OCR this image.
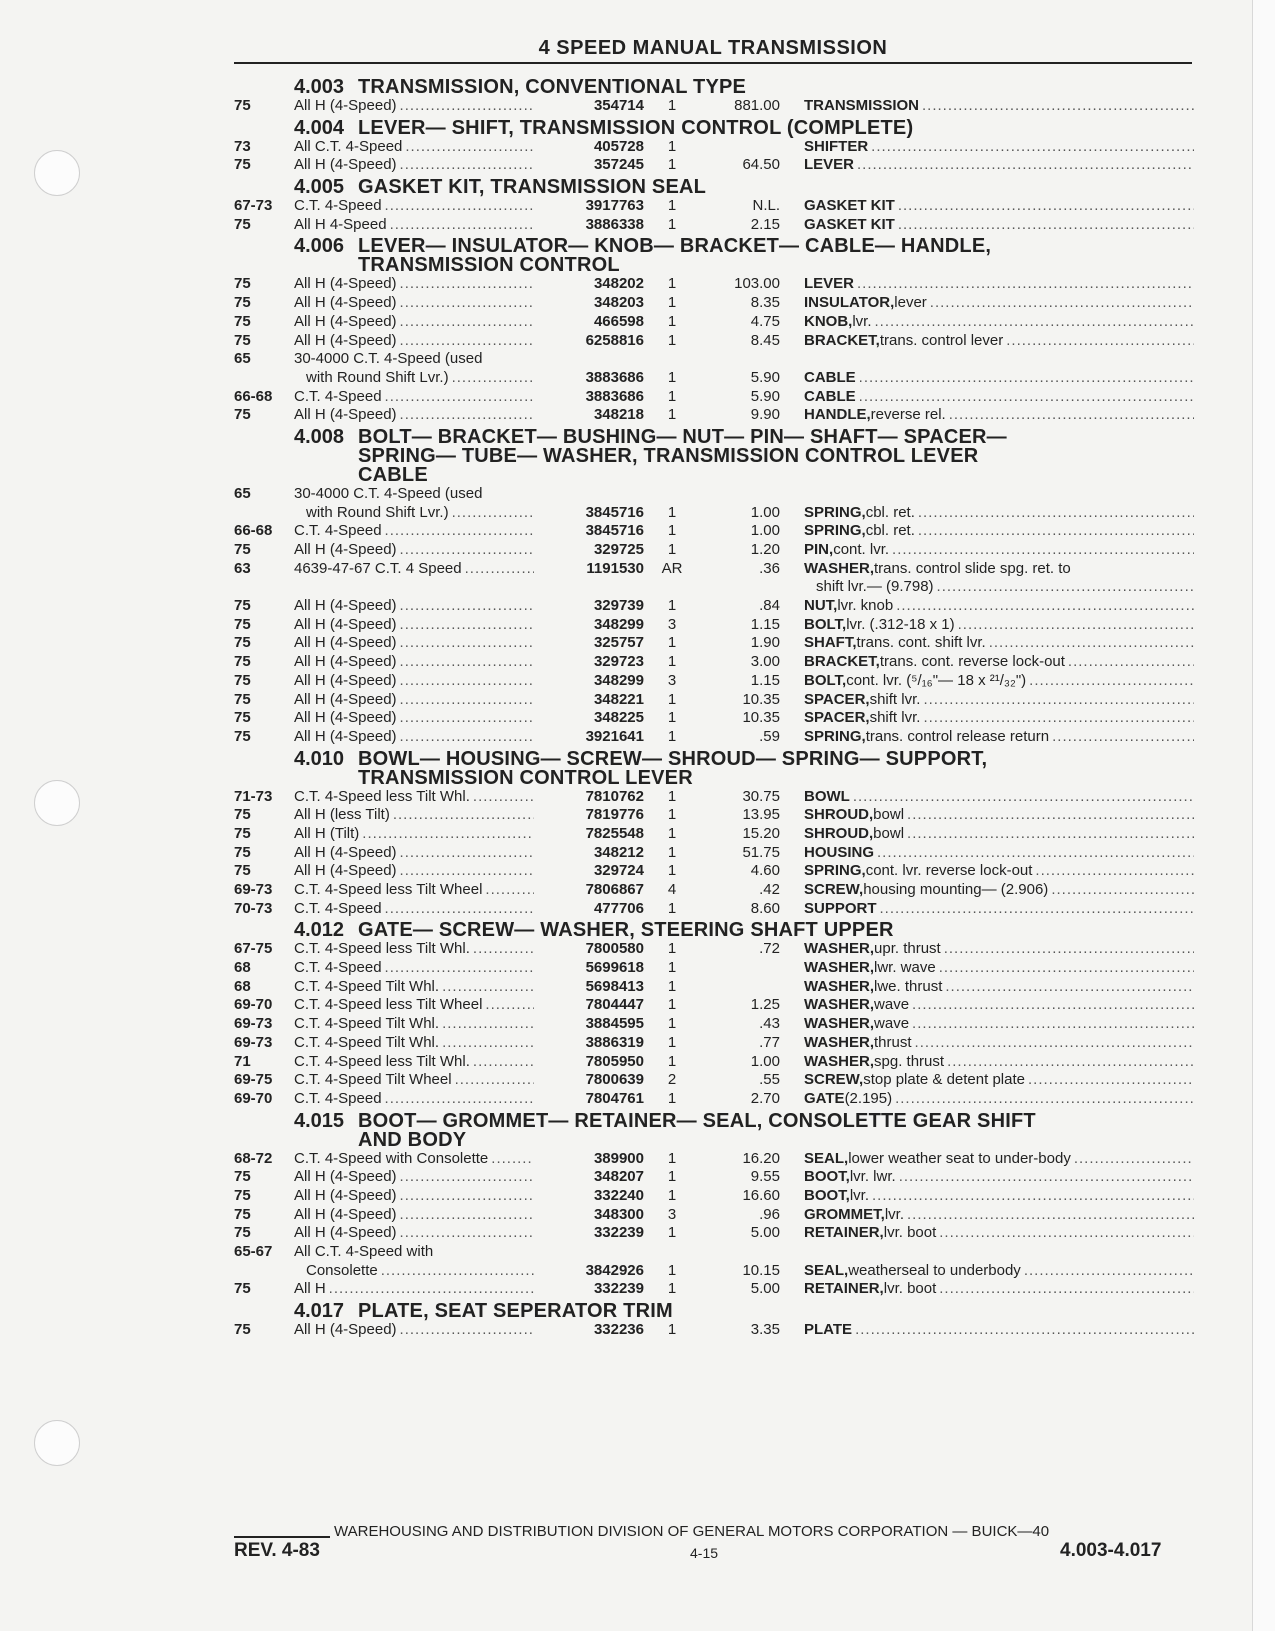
4 SPEED MANUAL TRANSMISSION
4.003 TRANSMISSION, CONVENTIONAL TYPE
75	All H (4-Speed) .....	354714	1	881.00 TRANSMISSION
.....
4.004 LEVER— SHIFT, TRANSMISSION CONTROL (COMPLETE)
73	All C.T. 4-Speed .....	405728	1	SHIFTER
.....
75	All H (4-Speed) .....	357245	1	64.50 LEVER
.....
4.005 GASKET KIT, TRANSMISSION SEAL
67-73	C.T. 4-Speed .....	3917763	1	N.L. GASKET KIT
.....
75	All H 4-Speed .....	3886338	1	2.15 GASKET KIT
.....
4.006 LEVER— INSULATOR— KNOB— BRACKET— CABLE— HANDLE,
TRANSMISSION CONTROL
75	All H (4-Speed) .....	348202	1	103.00 LEVER
.....
75	All H (4-Speed) .....	348203	1	8.35 INSULATOR, lever
.....
75	All H (4-Speed) .....	466598	1	4.75 KNOB, lvr.
.....
75	All H (4-Speed) .....	6258816	1	8.45 BRACKET, trans. control lever
.....
65	30-4000 C.T. 4-Speed (used
with Round Shift Lvr.) .....	3883686	1	5.90 CABLE
.....
66-68	C.T. 4-Speed .....	3883686	1	5.90 CABLE
.....
75	All H (4-Speed) .....	348218	1	9.90 HANDLE, reverse rel.
.....
4.008 BOLT— BRACKET— BUSHING— NUT— PIN— SHAFT— SPACER—
SPRING— TUBE— WASHER, TRANSMISSION CONTROL LEVER
CABLE
65	30-4000 C.T. 4-Speed (used
with Round Shift Lvr.) .....	3845716	1	1.00 SPRING, cbl. ret.
.....
66-68	C.T. 4-Speed .....	3845716	1	1.00 SPRING, cbl. ret.
.....
75	All H (4-Speed) .....	329725	1	1.20 PIN, cont. lvr.
.....
63	4639-47-67 C.T. 4 Speed .....	1191530	AR	.36 WASHER, trans. control slide spg. ret. to
shift lvr.— (9.798)
.....
75	All H (4-Speed) .....	329739	1	.84 NUT, lvr. knob
.....
75	All H (4-Speed) .....	348299	3	1.15 BOLT, lvr. (.312-18 x 1)
.....
75	All H (4-Speed) .....	325757	1	1.90 SHAFT, trans. cont. shift lvr.
.....
75	All H (4-Speed) .....	329723	1	3.00 BRACKET, trans. cont. reverse lock-out
.....
75	All H (4-Speed) .....	348299	3	1.15 BOLT, cont. lvr. (⁵/₁₆"— 18 x ²¹/₃₂")
.....
75	All H (4-Speed) .....	348221	1	10.35 SPACER, shift lvr.
.....
75	All H (4-Speed) .....	348225	1	10.35 SPACER, shift lvr.
.....
75	All H (4-Speed) .....	3921641	1	.59 SPRING, trans. control release return
.....
4.010 BOWL— HOUSING— SCREW— SHROUD— SPRING— SUPPORT,
TRANSMISSION CONTROL LEVER
71-73	C.T. 4-Speed less Tilt Whl. .....	7810762	1	30.75 BOWL
.....
75	All H (less Tilt) .....	7819776	1	13.95 SHROUD, bowl
.....
75	All H (Tilt) .....	7825548	1	15.20 SHROUD, bowl
.....
75	All H (4-Speed) .....	348212	1	51.75 HOUSING
.....
75	All H (4-Speed) .....	329724	1	4.60 SPRING, cont. lvr. reverse lock-out
.....
69-73	C.T. 4-Speed less Tilt Wheel .....	7806867	4	.42 SCREW, housing mounting— (2.906)
.....
70-73	C.T. 4-Speed .....	477706	1	8.60 SUPPORT
.....
4.012 GATE— SCREW— WASHER, STEERING SHAFT UPPER
67-75	C.T. 4-Speed less Tilt Whl. .....	7800580	1	.72 WASHER, upr. thrust
.....
68	C.T. 4-Speed .....	5699618	1	WASHER, lwr. wave
.....
68	C.T. 4-Speed Tilt Whl. .....	5698413	1	WASHER, lwe. thrust
.....
69-70	C.T. 4-Speed less Tilt Wheel .....	7804447	1	1.25 WASHER, wave
.....
69-73	C.T. 4-Speed Tilt Whl. .....	3884595	1	.43 WASHER, wave
.....
69-73	C.T. 4-Speed Tilt Whl. .....	3886319	1	.77 WASHER, thrust
.....
71	C.T. 4-Speed less Tilt Whl. .....	7805950	1	1.00 WASHER, spg. thrust
.....
69-75	C.T. 4-Speed Tilt Wheel .....	7800639	2	.55 SCREW, stop plate & detent plate
.....
69-70	C.T. 4-Speed .....	7804761	1	2.70 GATE (2.195)
.....
4.015 BOOT— GROMMET— RETAINER— SEAL, CONSOLETTE GEAR SHIFT
AND BODY
68-72	C.T. 4-Speed with Consolette .....	389900	1	16.20 SEAL, lower weather seat to under-body
.....
75	All H (4-Speed) .....	348207	1	9.55 BOOT, lvr. lwr.
.....
75	All H (4-Speed) .....	332240	1	16.60 BOOT, lvr.
.....
75	All H (4-Speed) .....	348300	3	.96 GROMMET, lvr.
.....
75	All H (4-Speed) .....	332239	1	5.00 RETAINER, lvr. boot
.....
65-67	All C.T. 4-Speed with
Consolette .....	3842926	1	10.15 SEAL, weatherseal to underbody
.....
75	All H .....	332239	1	5.00 RETAINER, lvr. boot
.....
4.017 PLATE, SEAT SEPERATOR TRIM
75	All H (4-Speed) .....	332236	1	3.35 PLATE
.....
WAREHOUSING AND DISTRIBUTION DIVISION OF GENERAL MOTORS CORPORATION — BUICK—40
REV. 4-83	4-15	4.003-4.017
